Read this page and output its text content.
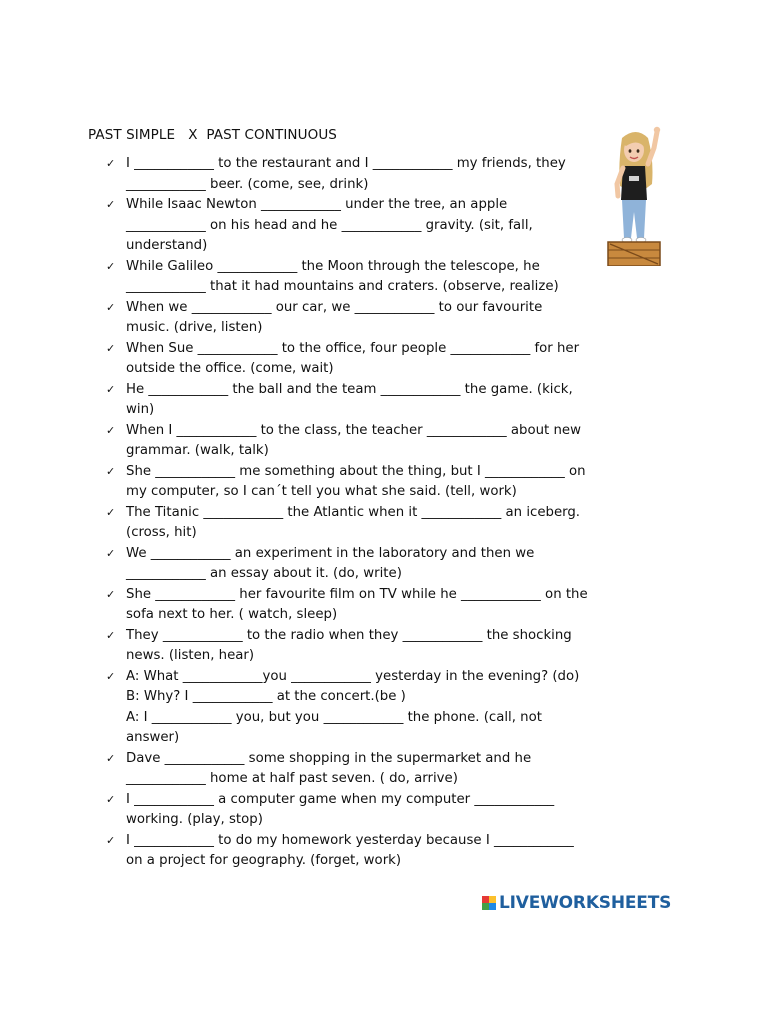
PAST SIMPLE   X  PAST CONTINUOUS
✓ I ____________ to the restaurant and I ____________ my friends, they
____________ beer. (come, see, drink)
✓ While Isaac Newton ____________ under the tree, an apple
____________ on his head and he ____________ gravity. (sit, fall,
understand)
✓ While Galileo ____________ the Moon through the telescope, he
____________ that it had mountains and craters. (observe, realize)
✓ When we ____________ our car, we ____________ to our favourite
music. (drive, listen)
✓ When Sue ____________ to the office, four people ____________ for her
outside the office. (come, wait)
✓ He ____________ the ball and the team ____________ the game. (kick,
win)
✓ When I ____________ to the class, the teacher ____________ about new
grammar. (walk, talk)
✓ She ____________ me something about the thing, but I ____________ on
my computer, so I can´t tell you what she said. (tell, work)
✓ The Titanic ____________ the Atlantic when it ____________ an iceberg.
(cross, hit)
✓ We ____________ an experiment in the laboratory and then we
____________ an essay about it. (do, write)
✓ She ____________ her favourite film on TV while he ____________ on the
sofa next to her. ( watch, sleep)
✓ They ____________ to the radio when they ____________ the shocking
news. (listen, hear)
✓ A: What ____________you ____________ yesterday in the evening? (do)
B: Why? I ____________ at the concert.(be )
A: I ____________ you, but you ____________ the phone. (call, not
answer)
✓ Dave ____________ some shopping in the supermarket and he
____________ home at half past seven. ( do, arrive)
✓ I ____________ a computer game when my computer ____________
working. (play, stop)
✓ I ____________ to do my homework yesterday because I ____________
on a project for geography. (forget, work)
LIVEWORKSHEETS
